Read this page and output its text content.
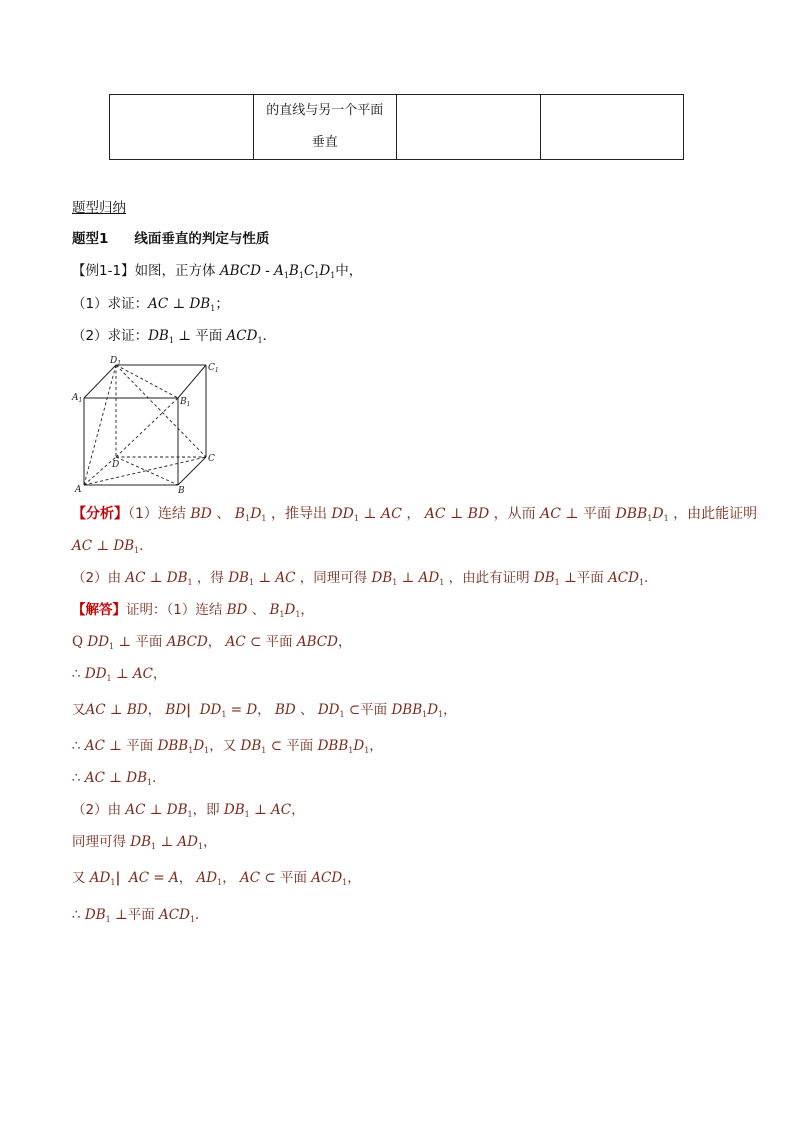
的直线与另一个平面
垂直

题型归纳
题型1 线面垂直的判定与性质
【例1-1】如图，正方体 ABCD - $A_1B_1C_1D_1$中，
（1）求证：AC ⊥ $DB_1$；
（2）求证：$DB_1$ ⊥ 平面 $ACD_1$．
$D_1$	$C_1$
$A_1$	$B_1$
D
C
A	B
【分析】（1）连结 BD 、 $B_1D_1$ ，推导出 $DD_1$ ⊥ AC ， AC ⊥ BD ，从而 AC ⊥ 平面 $DBB_1D_1$ ，由此能证明
AC ⊥ $DB_1$．
（2）由 AC ⊥ $DB_1$ ，得 $DB_1$ ⊥ AC ，同理可得 $DB_1$ ⊥ $AD_1$ ，由此有证明 $DB_1$ ⊥平面 $ACD_1$．
【解答】证明：（1）连结 BD 、 $B_1D_1$，
Q $DD_1$ ⊥ 平面 ABCD， AC ⊂ 平面 ABCD，
∴ $DD_1$ ⊥ AC，
又AC ⊥ BD， BD| $DD_1 = D$， BD 、 $DD_1$ ⊂平面 $DBB_1D_1$，
∴ AC ⊥ 平面 $DBB_1D_1$，又 $DB_1$ ⊂ 平面 $DBB_1D_1$，
∴ AC ⊥ $DB_1$．
（2）由 AC ⊥ $DB_1$，即 $DB_1$ ⊥ AC，
同理可得 $DB_1$ ⊥ $AD_1$，
又 $AD_1|$ AC = A， $AD_1$， AC ⊂ 平面 $ACD_1$，
∴ $DB_1$ ⊥平面 $ACD_1$．
